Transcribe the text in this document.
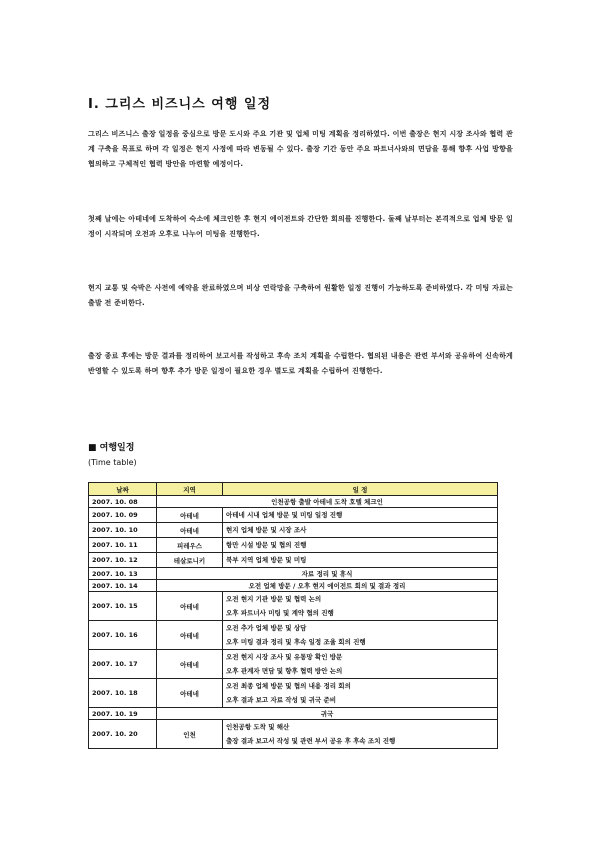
Ⅰ. 그리스 비즈니스 여행 일정
그리스 비즈니스 출장 일정을 중심으로 방문 도시와 주요 기관 및 업체 미팅 계획을 정리하였다. 이번 출장은 현지 시장 조사와 협력 관계 구축을 목표로 하며 각 일정은 현지 사정에 따라 변동될 수 있다. 출장 기간 동안 주요 파트너사와의 면담을 통해 향후 사업 방향을 협의하고 구체적인 협력 방안을 마련할 예정이다.
첫째 날에는 아테네에 도착하여 숙소에 체크인한 후 현지 에이전트와 간단한 회의를 진행한다. 둘째 날부터는 본격적으로 업체 방문 일정이 시작되며 오전과 오후로 나누어 미팅을 진행한다.
현지 교통 및 숙박은 사전에 예약을 완료하였으며 비상 연락망을 구축하여 원활한 일정 진행이 가능하도록 준비하였다. 각 미팅 자료는 출발 전 준비한다.
출장 종료 후에는 방문 결과를 정리하여 보고서를 작성하고 후속 조치 계획을 수립한다. 협의된 내용은 관련 부서와 공유하여 신속하게 반영할 수 있도록 하며 향후 추가 방문 일정이 필요한 경우 별도로 계획을 수립하여 진행한다.
■ 여행일정
(Time table)
날짜	지역	일 정
2007. 10. 08	인천공항 출발 아테네 도착 호텔 체크인	
2007. 10. 09	아테네	아테네 시내 업체 방문 및 미팅 일정 진행

2007. 10. 10	아테네	현지 업체 방문 및 시장 조사

2007. 10. 11	피레우스	항만 시설 방문 및 협의 진행

2007. 10. 12	테살로니키	북부 지역 업체 방문 및 미팅

2007. 10. 13	자료 정리 및 휴식	
2007. 10. 14	오전 업체 방문 / 오후 현지 에이전트 회의 및 결과 정리	
2007. 10. 15	아테네	오전 현지 기관 방문 및 협력 논의
오후 파트너사 미팅 및 계약 협의 진행

2007. 10. 16	아테네	오전 추가 업체 방문 및 상담
오후 미팅 결과 정리 및 후속 일정 조율 회의 진행

2007. 10. 17	아테네	오전 현지 시장 조사 및 유통망 확인 방문
오후 관계자 면담 및 향후 협력 방안 논의

2007. 10. 18	아테네	오전 최종 업체 방문 및 협의 내용 정리 회의
오후 결과 보고 자료 작성 및 귀국 준비

2007. 10. 19	귀국	
2007. 10. 20	인천	인천공항 도착 및 해산
출장 결과 보고서 작성 및 관련 부서 공유 후 후속 조치 진행
